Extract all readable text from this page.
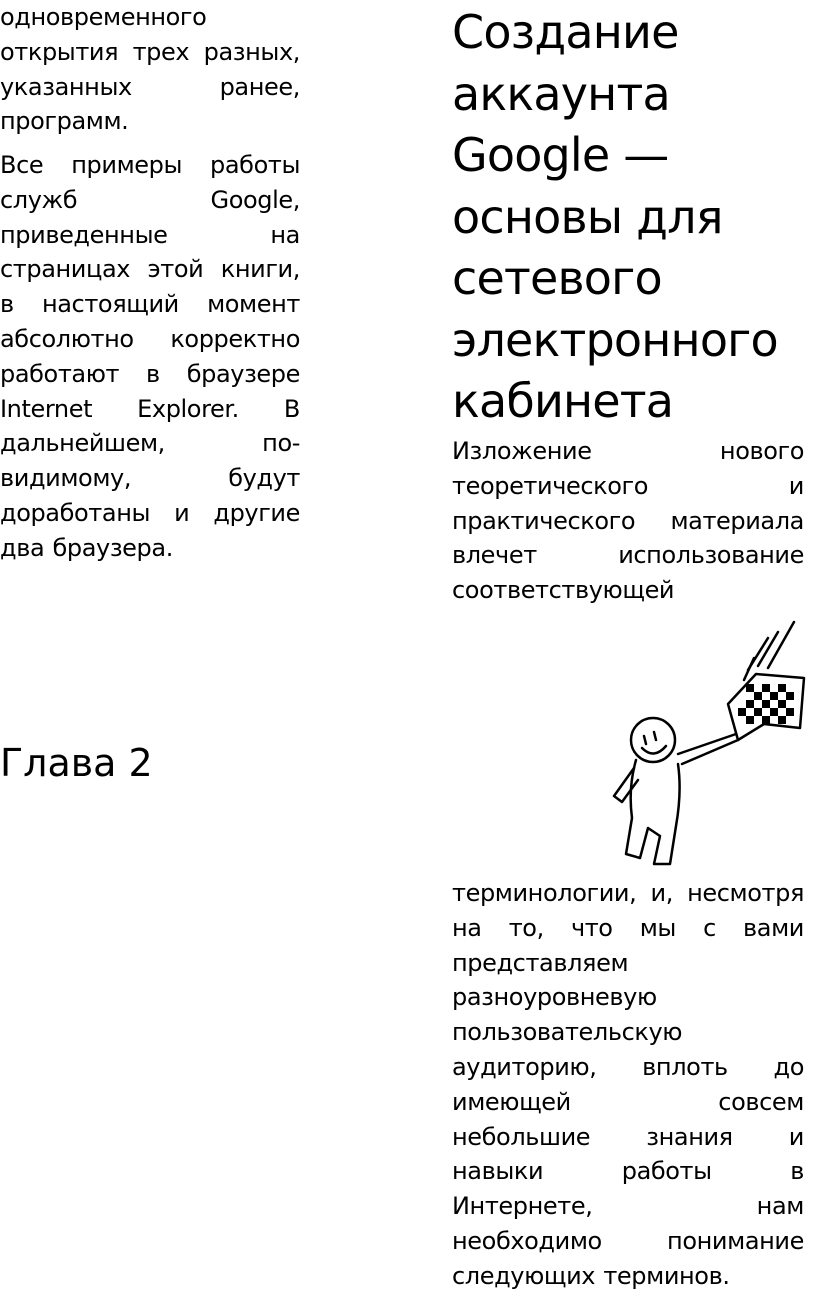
одновременного открытия трех разных, указанных ранее, программ.

Все примеры работы служб Google, приведенные на страницах этой книги, в настоящий момент абсолютно корректно работают в браузере Internet Explorer. В дальнейшем, по-видимому, будут доработаны и другие два браузера.

Глава 2
Создание аккаунта Google — основы для сетевого электронного кабинета

Изложение нового теоретического и практического материала влечет использование соответствующей

терминологии, и, несмотря на то, что мы с вами представляем разноуровневую пользовательскую аудиторию, вплоть до имеющей совсем небольшие знания и навыки работы в Интернете, нам необходимо понимание следующих терминов.
